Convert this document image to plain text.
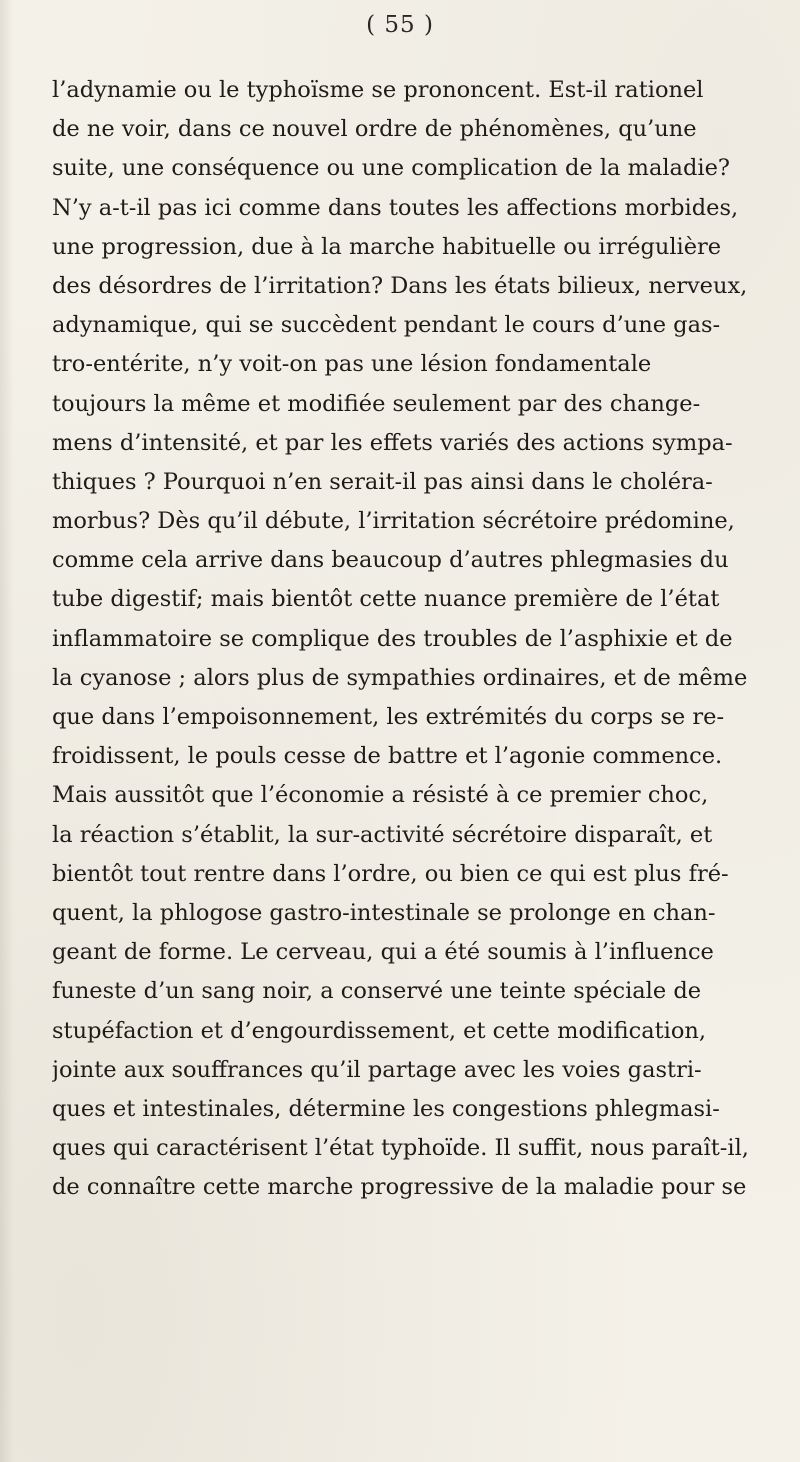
( 55 )
l’adynamie ou le typhoïsme se prononcent. Est-il rationel
de ne voir, dans ce nouvel ordre de phénomènes, qu’une
suite, une conséquence ou une complication de la maladie?
N’y a-t-il pas ici comme dans toutes les affections morbides,
une progression, due à la marche habituelle ou irrégulière
des désordres de l’irritation? Dans les états bilieux, nerveux,
adynamique, qui se succèdent pendant le cours d’une gas-
tro-entérite, n’y voit-on pas une lésion fondamentale
toujours la même et modifiée seulement par des change-
mens d’intensité, et par les effets variés des actions sympa-
thiques ? Pourquoi n’en serait-il pas ainsi dans le choléra-
morbus? Dès qu’il débute, l’irritation sécrétoire prédomine,
comme cela arrive dans beaucoup d’autres phlegmasies du
tube digestif; mais bientôt cette nuance première de l’état
inflammatoire se complique des troubles de l’asphixie et de
la cyanose ; alors plus de sympathies ordinaires, et de même
que dans l’empoisonnement, les extrémités du corps se re-
froidissent, le pouls cesse de battre et l’agonie commence.
Mais aussitôt que l’économie a résisté à ce premier choc,
la réaction s’établit, la sur-activité sécrétoire disparaît, et
bientôt tout rentre dans l’ordre, ou bien ce qui est plus fré-
quent, la phlogose gastro-intestinale se prolonge en chan-
geant de forme. Le cerveau, qui a été soumis à l’influence
funeste d’un sang noir, a conservé une teinte spéciale de
stupéfaction et d’engourdissement, et cette modification,
jointe aux souffrances qu’il partage avec les voies gastri-
ques et intestinales, détermine les congestions phlegmasi-
ques qui caractérisent l’état typhoïde. Il suffit, nous paraît-il,
de connaître cette marche progressive de la maladie pour se
